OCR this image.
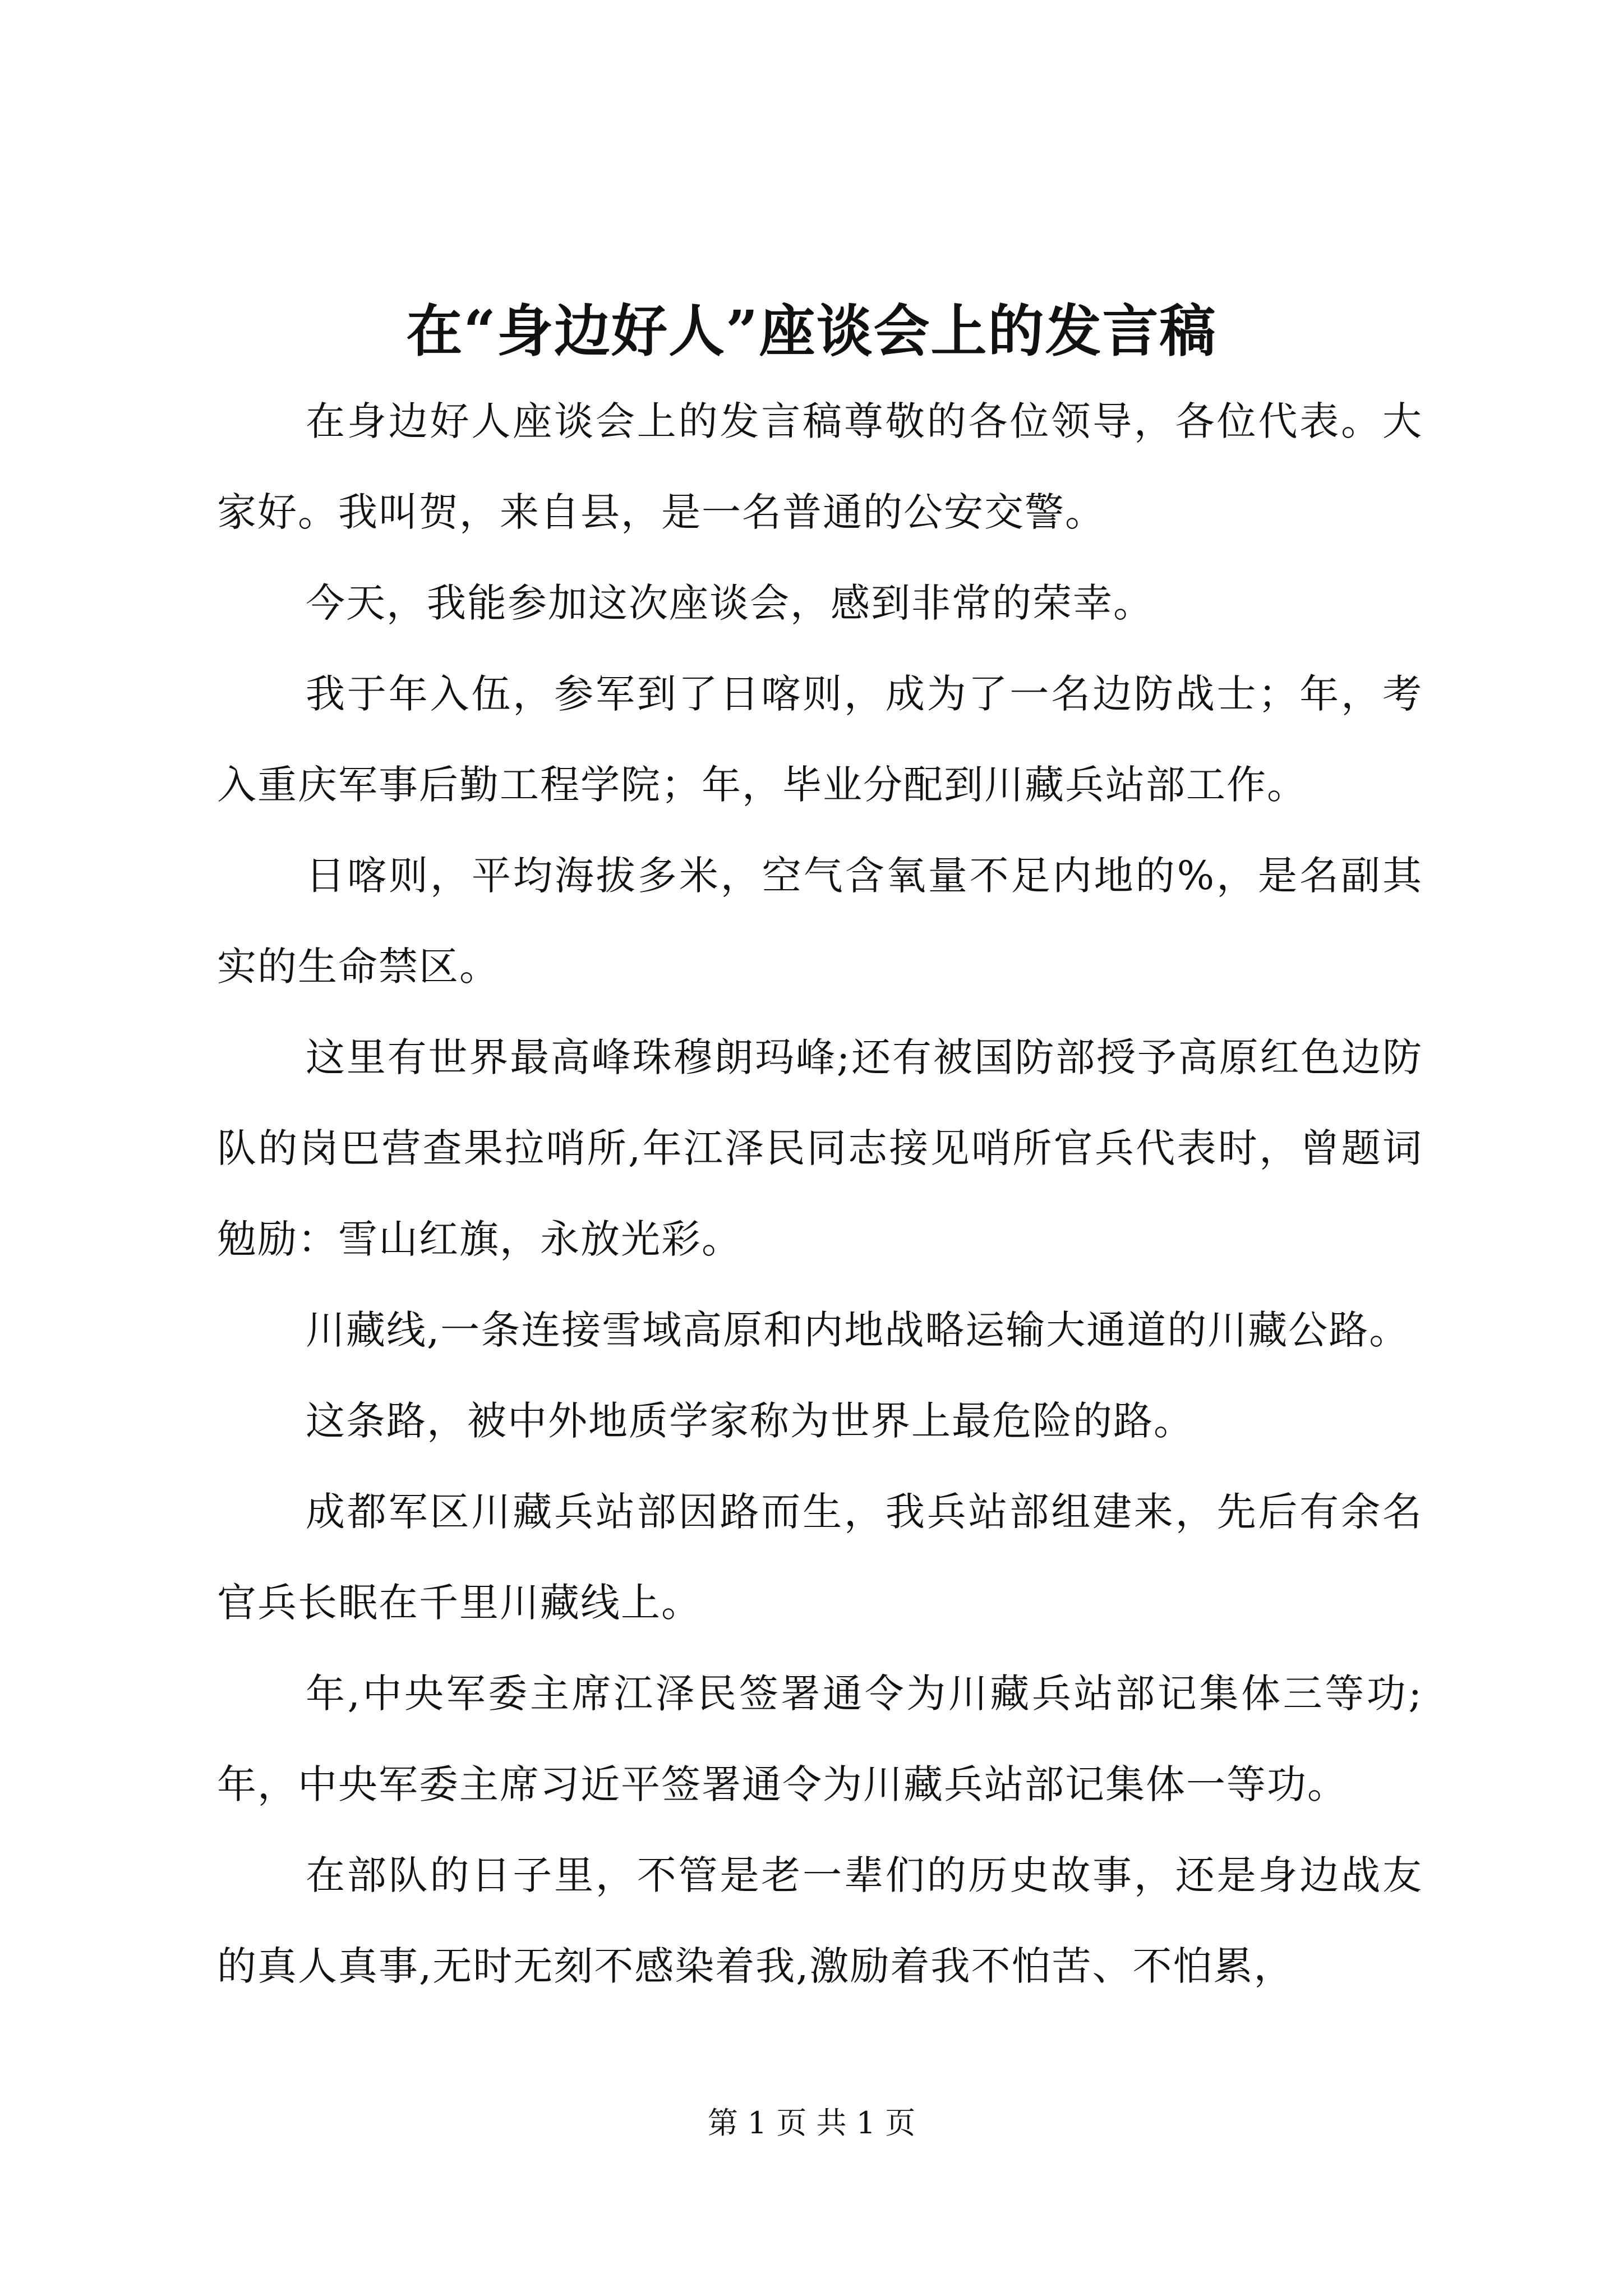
在“身边好人”座谈会上的发言稿

在身边好人座谈会上的发言稿尊敬的各位领导，各位代表。大家好。我叫贺，来自县，是一名普通的公安交警。

今天，我能参加这次座谈会，感到非常的荣幸。

我于年入伍，参军到了日喀则，成为了一名边防战士；年，考入重庆军事后勤工程学院；年，毕业分配到川藏兵站部工作。

日喀则，平均海拔多米，空气含氧量不足内地的%，是名副其实的生命禁区。

这里有世界最高峰珠穆朗玛峰;还有被国防部授予高原红色边防队的岗巴营查果拉哨所,年江泽民同志接见哨所官兵代表时，曾题词勉励：雪山红旗，永放光彩。

川藏线,一条连接雪域高原和内地战略运输大通道的川藏公路。

这条路，被中外地质学家称为世界上最危险的路。

成都军区川藏兵站部因路而生，我兵站部组建来，先后有余名官兵长眠在千里川藏线上。

年,中央军委主席江泽民签署通令为川藏兵站部记集体三等功;年，中央军委主席习近平签署通令为川藏兵站部记集体一等功。

在部队的日子里，不管是老一辈们的历史故事，还是身边战友的真人真事,无时无刻不感染着我,激励着我不怕苦、不怕累，

第 1 页 共 1 页
